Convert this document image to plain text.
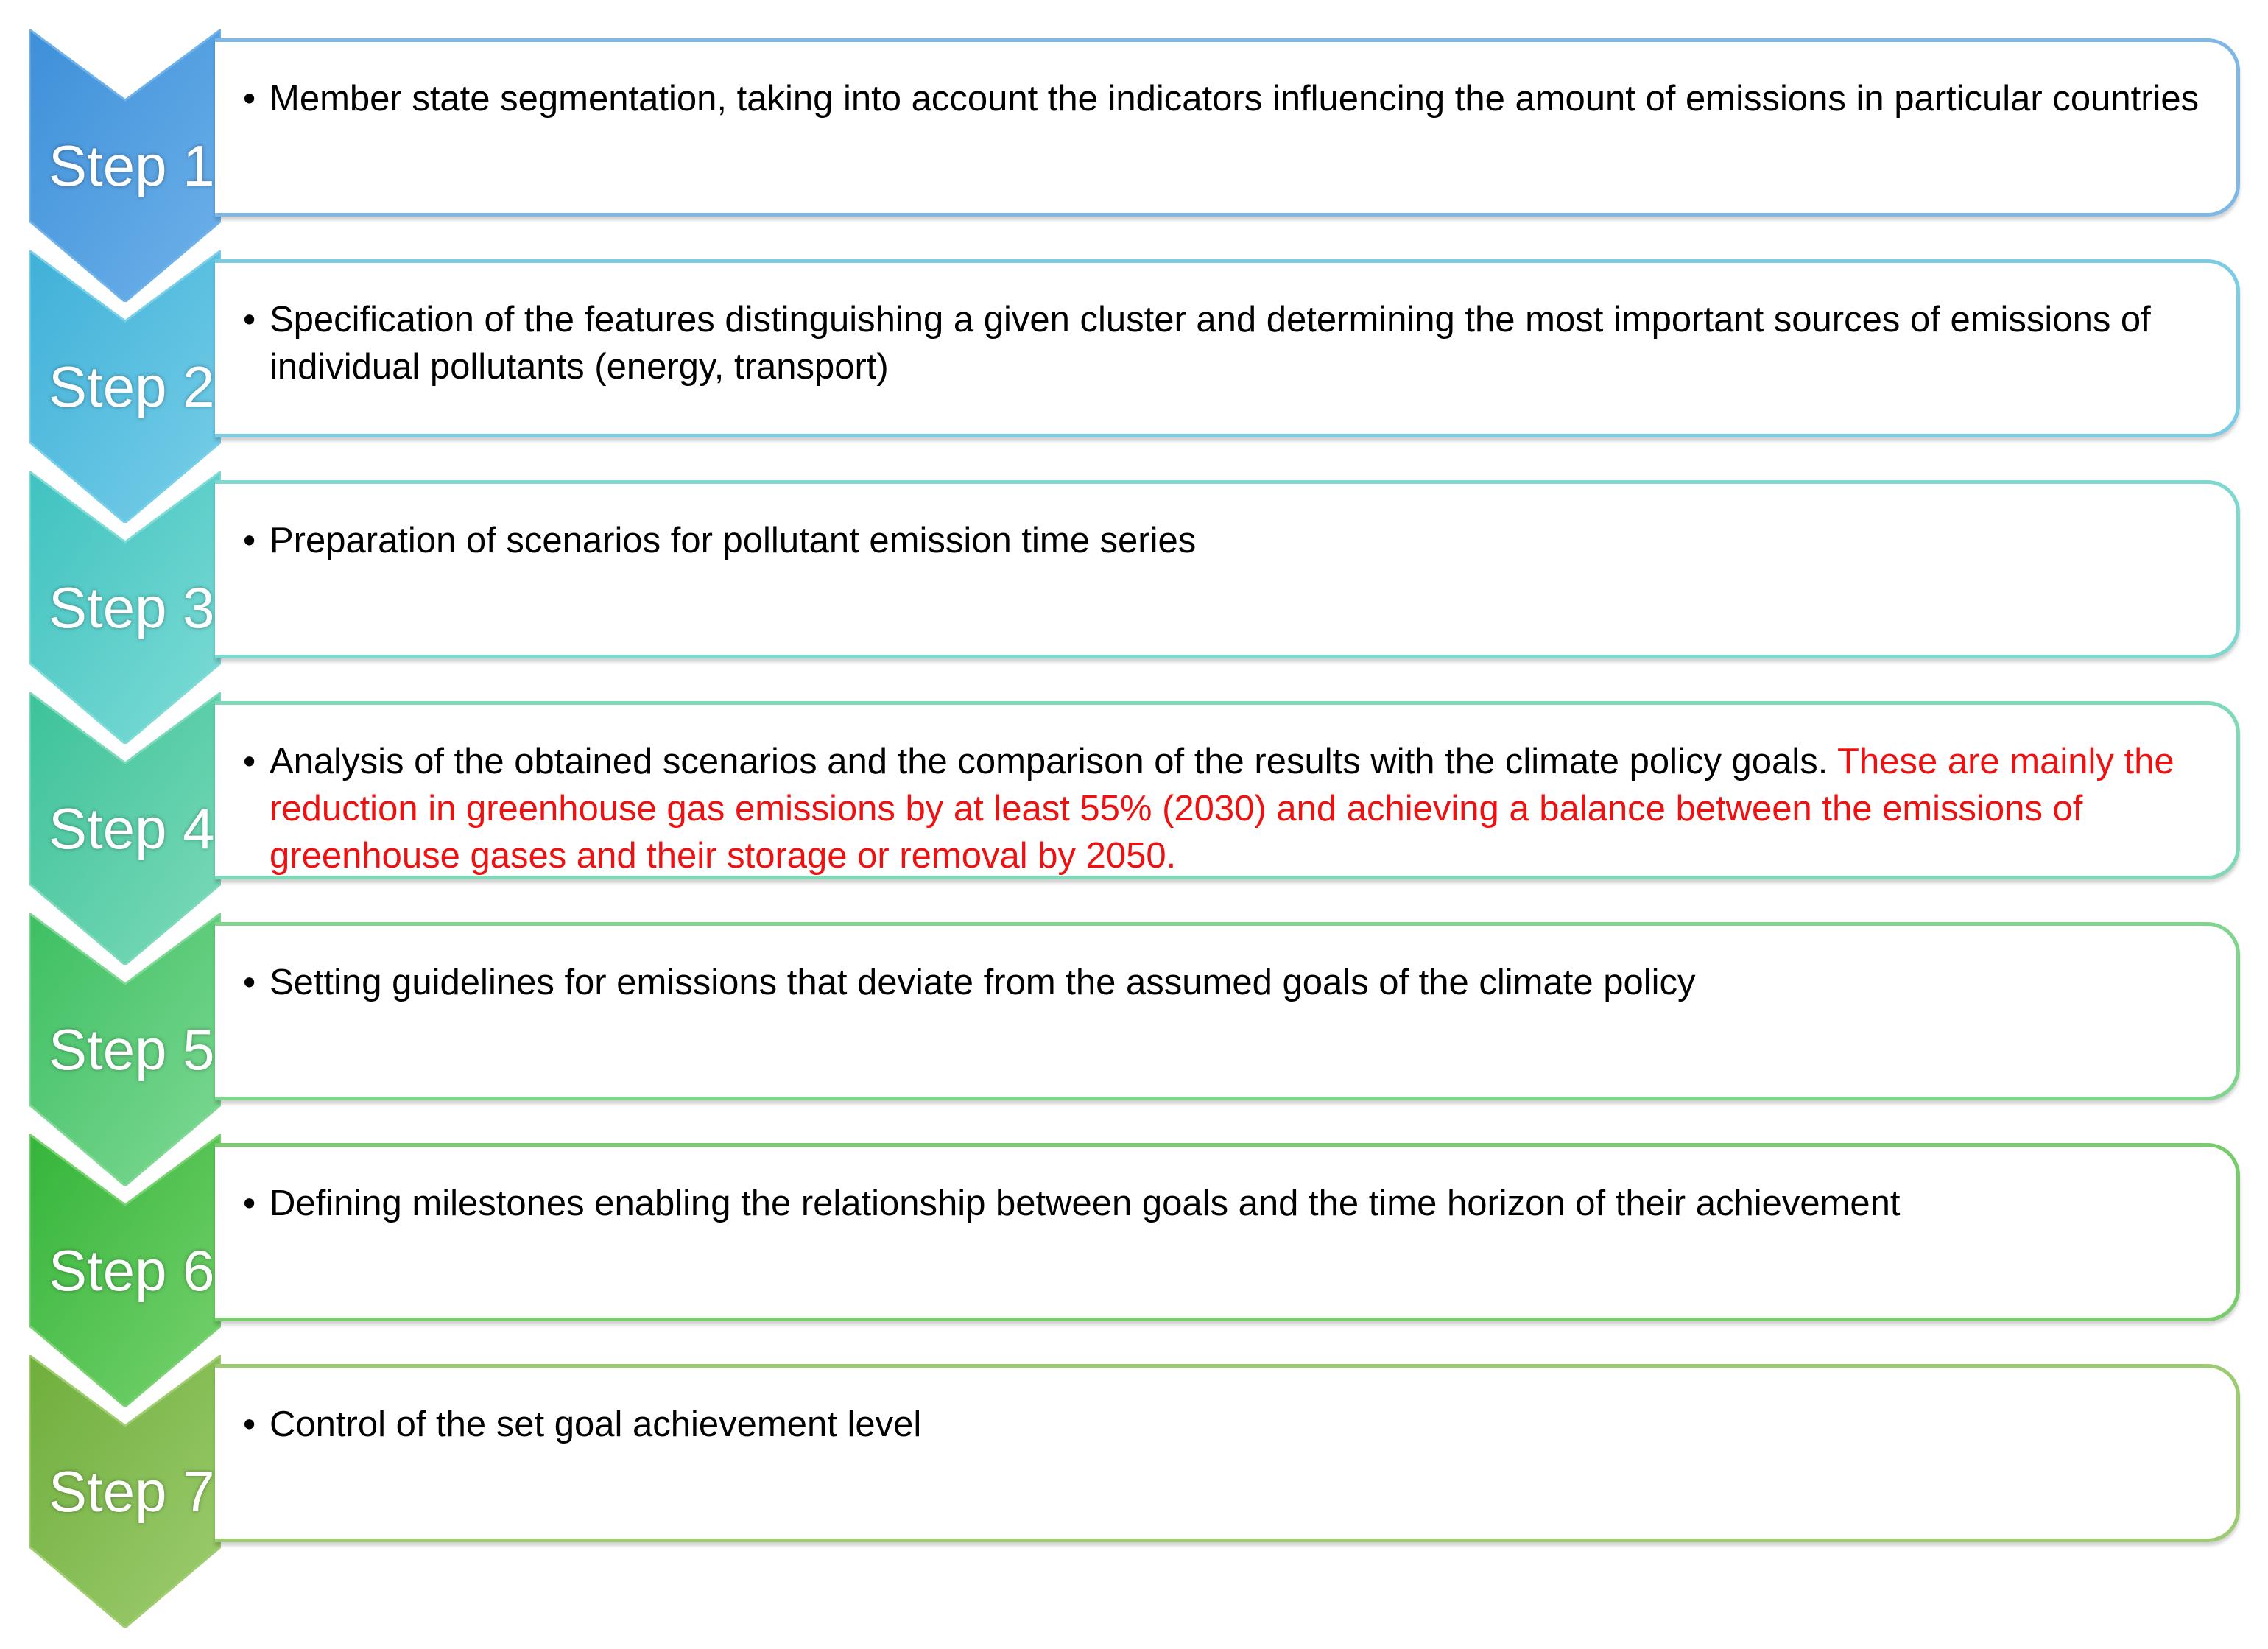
Step 1
• Member state segmentation, taking into account the indicators influencing the amount of emissions in particular countries
Step 2
• Specification of the features distinguishing a given cluster and determining the most important sources of emissions of individual pollutants (energy, transport)
Step 3
• Preparation of scenarios for pollutant emission time series
Step 4
• Analysis of the obtained scenarios and the comparison of the results with the climate policy goals. These are mainly the reduction in greenhouse gas emissions by at least 55% (2030) and achieving a balance between the emissions of greenhouse gases and their storage or removal by 2050.
Step 5
• Setting guidelines for emissions that deviate from the assumed goals of the climate policy
Step 6
• Defining milestones enabling the relationship between goals and the time horizon of their achievement
Step 7
• Control of the set goal achievement level
